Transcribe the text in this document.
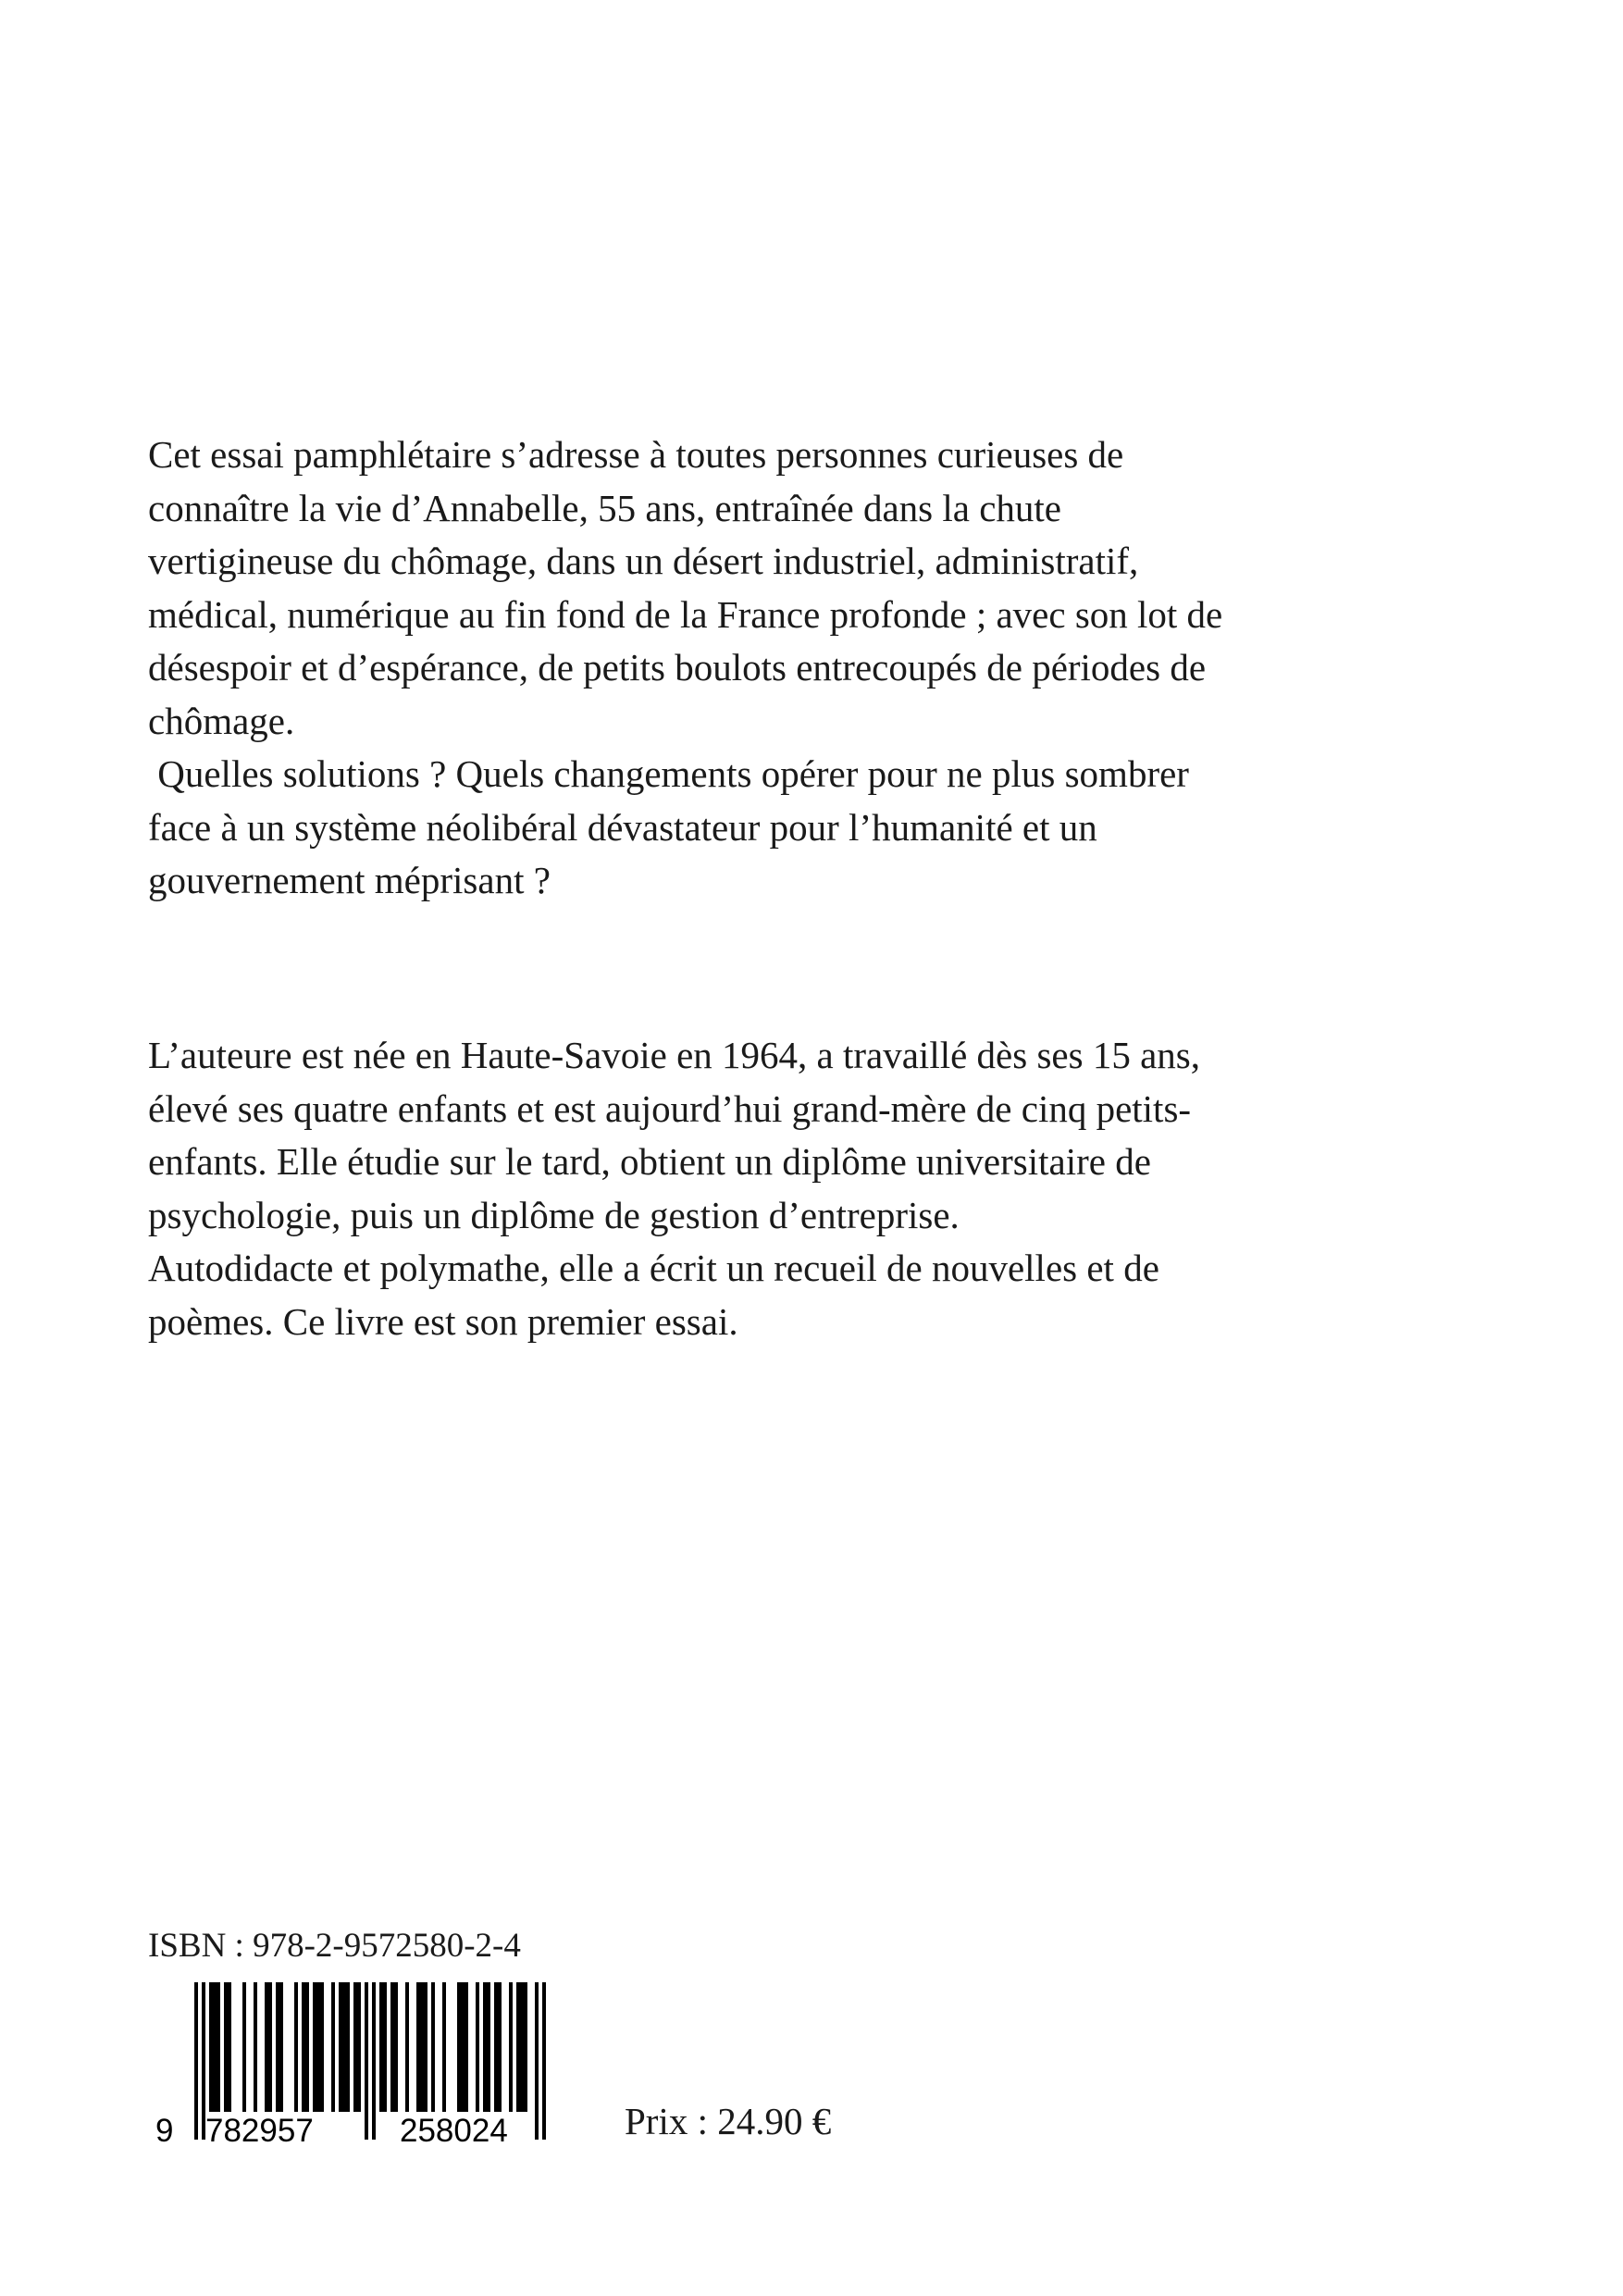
Cet essai pamphlétaire s’adresse à toutes personnes curieuses de
connaître la vie d’Annabelle, 55 ans, entraînée dans la chute
vertigineuse du chômage, dans un désert industriel, administratif,
médical, numérique au fin fond de la France profonde ; avec son lot de
désespoir et d’espérance, de petits boulots entrecoupés de périodes de
chômage.
Quelles solutions ? Quels changements opérer pour ne plus sombrer
face à un système néolibéral dévastateur pour l’humanité et un
gouvernement méprisant ?
L’auteure est née en Haute-Savoie en 1964, a travaillé dès ses 15 ans,
élevé ses quatre enfants et est aujourd’hui grand-mère de cinq petits-
enfants. Elle étudie sur le tard, obtient un diplôme universitaire de
psychologie, puis un diplôme de gestion d’entreprise.
Autodidacte et polymathe, elle a écrit un recueil de nouvelles et de
poèmes. Ce livre est son premier essai.

ISBN : 978-2-9572580-2-4

9 782957	258024	Prix : 24.90 €
